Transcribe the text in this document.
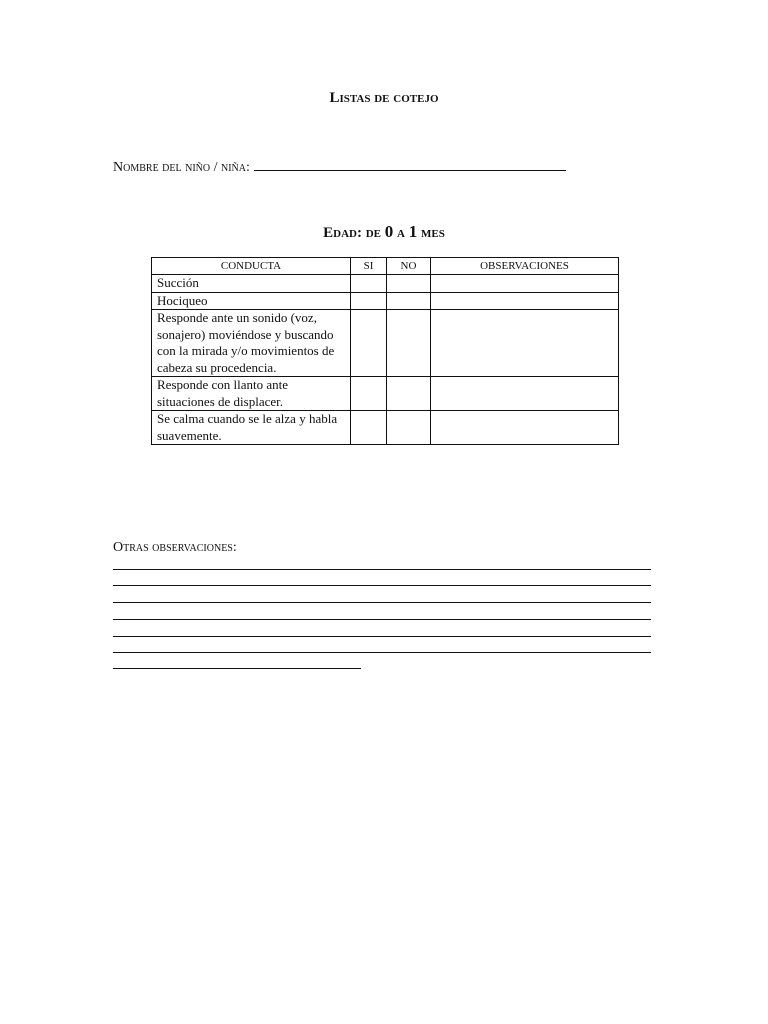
Listas de cotejo
Nombre del niño / niña:
Edad: de 0 a 1 mes
CONDUCTA	SI	NO	OBSERVACIONES
Succión			
Hociqueo			
Responde ante un sonido (voz, sonajero) moviéndose y buscando con la mirada y/o movimientos de cabeza su procedencia.			
Responde con llanto ante situaciones de displacer.			
Se calma cuando se le alza y habla suavemente.			
Otras observaciones:
